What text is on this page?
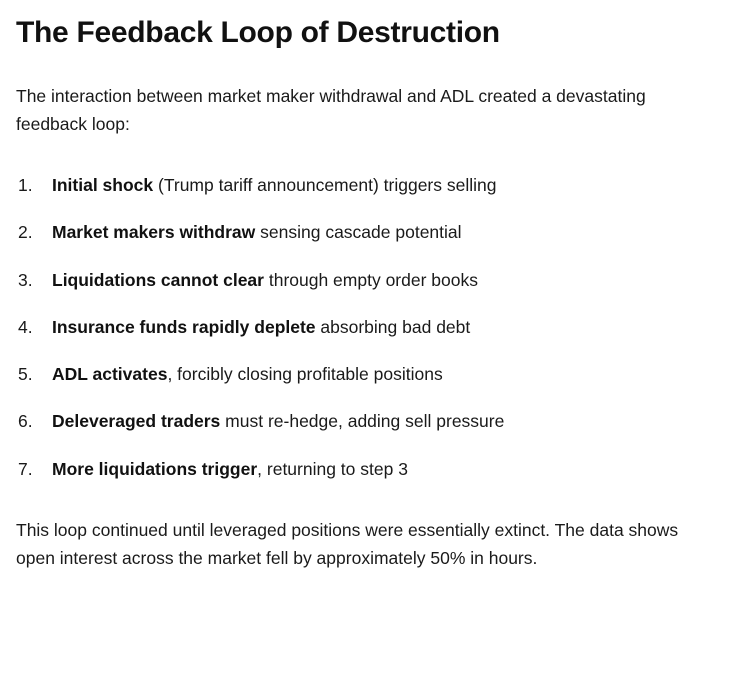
The Feedback Loop of Destruction

The interaction between market maker withdrawal and ADL created a devastating feedback loop:

1.	Initial shock (Trump tariff announcement) triggers selling
2.	Market makers withdraw sensing cascade potential
3.	Liquidations cannot clear through empty order books
4.	Insurance funds rapidly deplete absorbing bad debt
5.	ADL activates, forcibly closing profitable positions
6.	Deleveraged traders must re-hedge, adding sell pressure
7.	More liquidations trigger, returning to step 3

This loop continued until leveraged positions were essentially extinct. The data shows open interest across the market fell by approximately 50% in hours.
